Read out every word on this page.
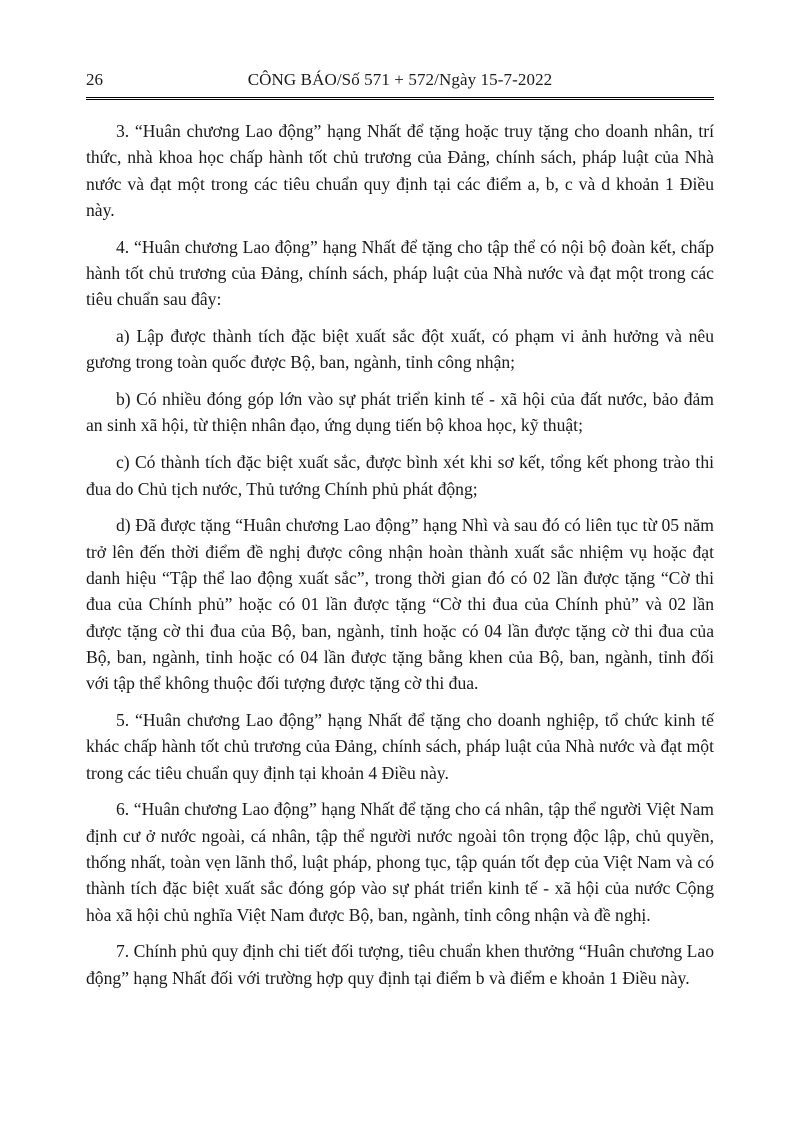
26	CÔNG BÁO/Số 571 + 572/Ngày 15-7-2022

3. “Huân chương Lao động” hạng Nhất để tặng hoặc truy tặng cho doanh nhân, trí thức, nhà khoa học chấp hành tốt chủ trương của Đảng, chính sách, pháp luật của Nhà nước và đạt một trong các tiêu chuẩn quy định tại các điểm a, b, c và d khoản 1 Điều này.

4. “Huân chương Lao động” hạng Nhất để tặng cho tập thể có nội bộ đoàn kết, chấp hành tốt chủ trương của Đảng, chính sách, pháp luật của Nhà nước và đạt một trong các tiêu chuẩn sau đây:

a) Lập được thành tích đặc biệt xuất sắc đột xuất, có phạm vi ảnh hưởng và nêu gương trong toàn quốc được Bộ, ban, ngành, tỉnh công nhận;

b) Có nhiều đóng góp lớn vào sự phát triển kinh tế - xã hội của đất nước, bảo đảm an sinh xã hội, từ thiện nhân đạo, ứng dụng tiến bộ khoa học, kỹ thuật;

c) Có thành tích đặc biệt xuất sắc, được bình xét khi sơ kết, tổng kết phong trào thi đua do Chủ tịch nước, Thủ tướng Chính phủ phát động;

d) Đã được tặng “Huân chương Lao động” hạng Nhì và sau đó có liên tục từ 05 năm trở lên đến thời điểm đề nghị được công nhận hoàn thành xuất sắc nhiệm vụ hoặc đạt danh hiệu “Tập thể lao động xuất sắc”, trong thời gian đó có 02 lần được tặng “Cờ thi đua của Chính phủ” hoặc có 01 lần được tặng “Cờ thi đua của Chính phủ” và 02 lần được tặng cờ thi đua của Bộ, ban, ngành, tỉnh hoặc có 04 lần được tặng cờ thi đua của Bộ, ban, ngành, tỉnh hoặc có 04 lần được tặng bằng khen của Bộ, ban, ngành, tỉnh đối với tập thể không thuộc đối tượng được tặng cờ thi đua.

5. “Huân chương Lao động” hạng Nhất để tặng cho doanh nghiệp, tổ chức kinh tế khác chấp hành tốt chủ trương của Đảng, chính sách, pháp luật của Nhà nước và đạt một trong các tiêu chuẩn quy định tại khoản 4 Điều này.

6. “Huân chương Lao động” hạng Nhất để tặng cho cá nhân, tập thể người Việt Nam định cư ở nước ngoài, cá nhân, tập thể người nước ngoài tôn trọng độc lập, chủ quyền, thống nhất, toàn vẹn lãnh thổ, luật pháp, phong tục, tập quán tốt đẹp của Việt Nam và có thành tích đặc biệt xuất sắc đóng góp vào sự phát triển kinh tế - xã hội của nước Cộng hòa xã hội chủ nghĩa Việt Nam được Bộ, ban, ngành, tỉnh công nhận và đề nghị.

7. Chính phủ quy định chi tiết đối tượng, tiêu chuẩn khen thưởng “Huân chương Lao động” hạng Nhất đối với trường hợp quy định tại điểm b và điểm e khoản 1 Điều này.
